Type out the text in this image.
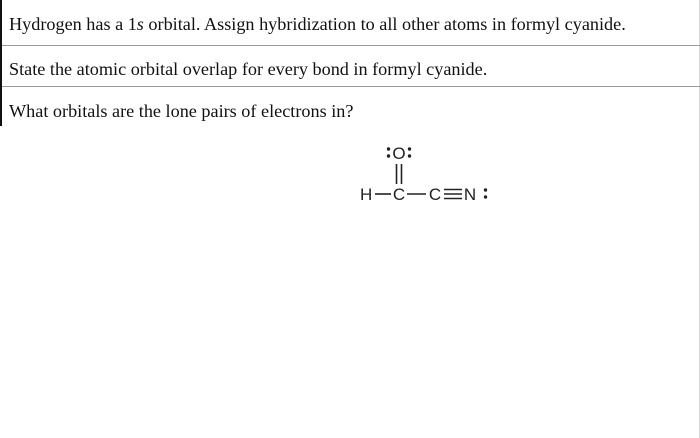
Hydrogen has a 1s orbital. Assign hybridization to all other atoms in formyl cyanide.
State the atomic orbital overlap for every bond in formyl cyanide.
What orbitals are the lone pairs of electrons in?
O
H C C N
